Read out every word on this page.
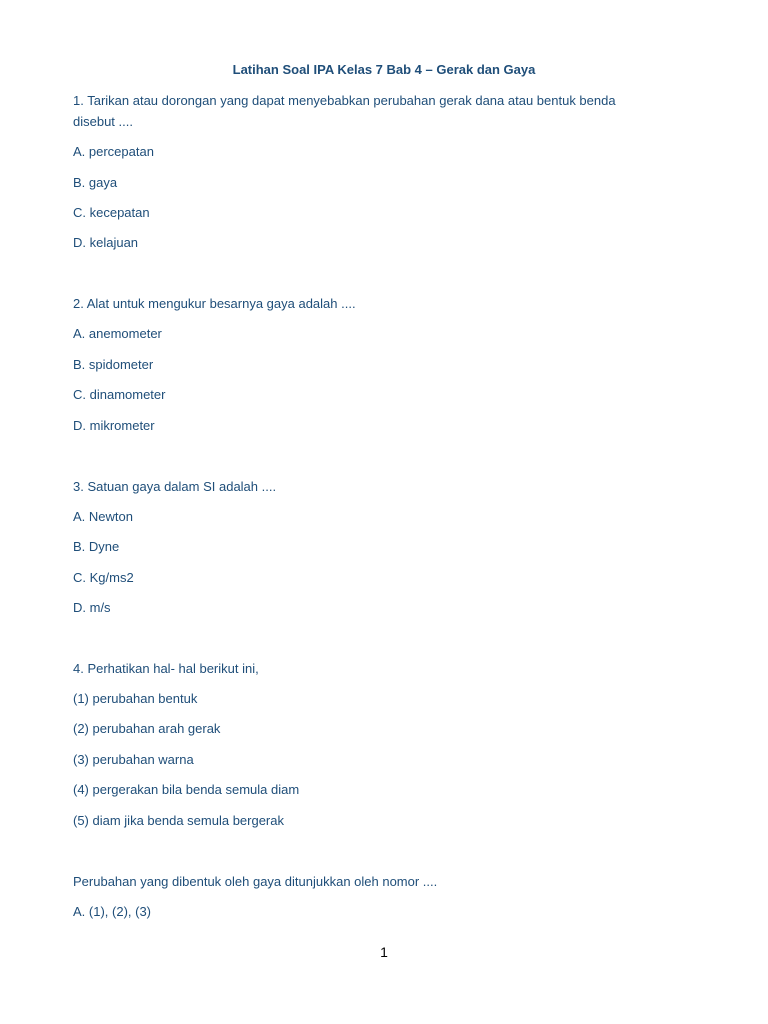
Latihan Soal IPA Kelas 7 Bab 4 – Gerak dan Gaya
1. Tarikan atau dorongan yang dapat menyebabkan perubahan gerak dana atau bentuk benda
disebut ....
A. percepatan
B. gaya
C. kecepatan
D. kelajuan
2. Alat untuk mengukur besarnya gaya adalah ....
A. anemometer
B. spidometer
C. dinamometer
D. mikrometer
3. Satuan gaya dalam SI adalah ....
A. Newton
B. Dyne
C. Kg/ms2
D. m/s
4. Perhatikan hal- hal berikut ini,
(1) perubahan bentuk
(2) perubahan arah gerak
(3) perubahan warna
(4) pergerakan bila benda semula diam
(5) diam jika benda semula bergerak
Perubahan yang dibentuk oleh gaya ditunjukkan oleh nomor ....
A. (1), (2), (3)
1
